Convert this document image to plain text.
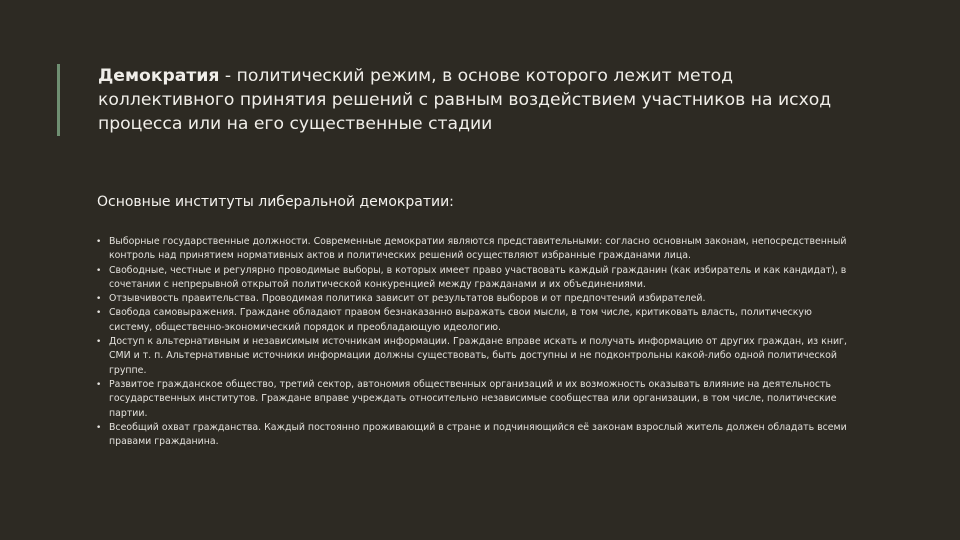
Демократия - политический режим, в основе которого лежит метод коллективного принятия решений с равным воздействием участников на исход процесса или на его существенные стадии
Основные институты либеральной демократии:
• Выборные государственные должности. Современные демократии являются представительными: согласно основным законам, непосредственный контроль над принятием нормативных актов и политических решений осуществляют избранные гражданами лица.
• Свободные, честные и регулярно проводимые выборы, в которых имеет право участвовать каждый гражданин (как избиратель и как кандидат), в сочетании с непрерывной открытой политической конкуренцией между гражданами и их объединениями.
• Отзывчивость правительства. Проводимая политика зависит от результатов выборов и от предпочтений избирателей.
• Свобода самовыражения. Граждане обладают правом безнаказанно выражать свои мысли, в том числе, критиковать власть, политическую систему, общественно-экономический порядок и преобладающую идеологию.
• Доступ к альтернативным и независимым источникам информации. Граждане вправе искать и получать информацию от других граждан, из книг, СМИ и т. п. Альтернативные источники информации должны существовать, быть доступны и не подконтрольны какой-либо одной политической группе.
• Развитое гражданское общество, третий сектор, автономия общественных организаций и их возможность оказывать влияние на деятельность государственных институтов. Граждане вправе учреждать относительно независимые сообщества или организации, в том числе, политические партии.
• Всеобщий охват гражданства. Каждый постоянно проживающий в стране и подчиняющийся её законам взрослый житель должен обладать всеми правами гражданина.
